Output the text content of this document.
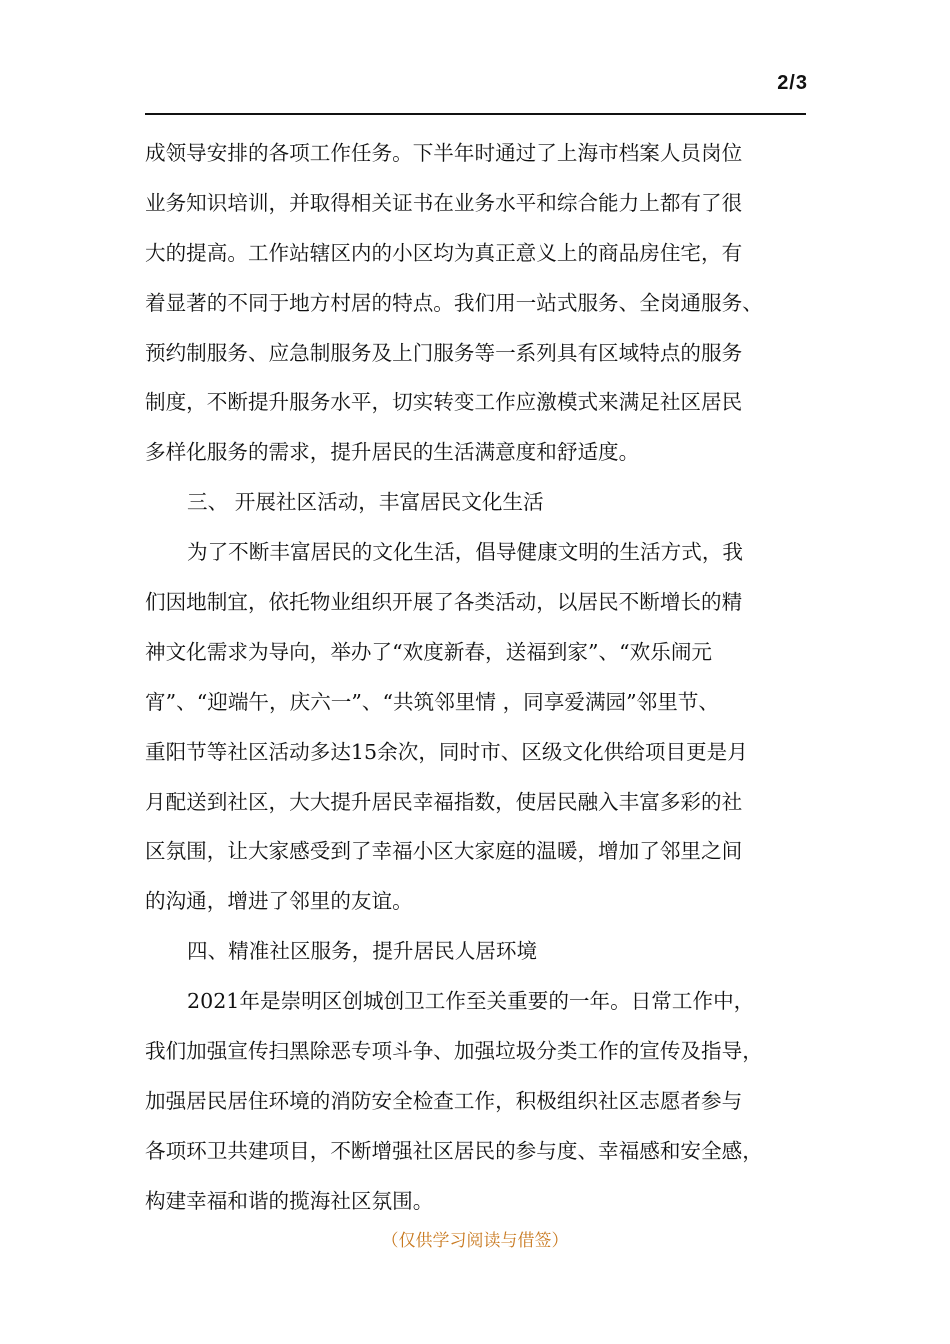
2/3
成领导安排的各项工作任务。下半年时通过了上海市档案人员岗位
业务知识培训，并取得相关证书在业务水平和综合能力上都有了很
大的提高。工作站辖区内的小区均为真正意义上的商品房住宅，有
着显著的不同于地方村居的特点。我们用一站式服务、全岗通服务、
预约制服务、应急制服务及上门服务等一系列具有区域特点的服务
制度，不断提升服务水平，切实转变工作应激模式来满足社区居民
多样化服务的需求，提升居民的生活满意度和舒适度。
三、 开展社区活动，丰富居民文化生活
为了不断丰富居民的文化生活，倡导健康文明的生活方式，我
们因地制宜，依托物业组织开展了各类活动，以居民不断增长的精
神文化需求为导向，举办了“欢度新春，送福到家”、“欢乐闹元
宵”、“迎端午，庆六一”、“共筑邻里情 ，同享爱满园”邻里节、
重阳节等社区活动多达15余次，同时市、区级文化供给项目更是月
月配送到社区，大大提升居民幸福指数，使居民融入丰富多彩的社
区氛围，让大家感受到了幸福小区大家庭的温暖，增加了邻里之间
的沟通，增进了邻里的友谊。
四、精准社区服务，提升居民人居环境
2021年是崇明区创城创卫工作至关重要的一年。日常工作中，
我们加强宣传扫黑除恶专项斗争、加强垃圾分类工作的宣传及指导，
加强居民居住环境的消防安全检查工作，积极组织社区志愿者参与
各项环卫共建项目，不断增强社区居民的参与度、幸福感和安全感，
构建幸福和谐的揽海社区氛围。
（仅供学习阅读与借签）
